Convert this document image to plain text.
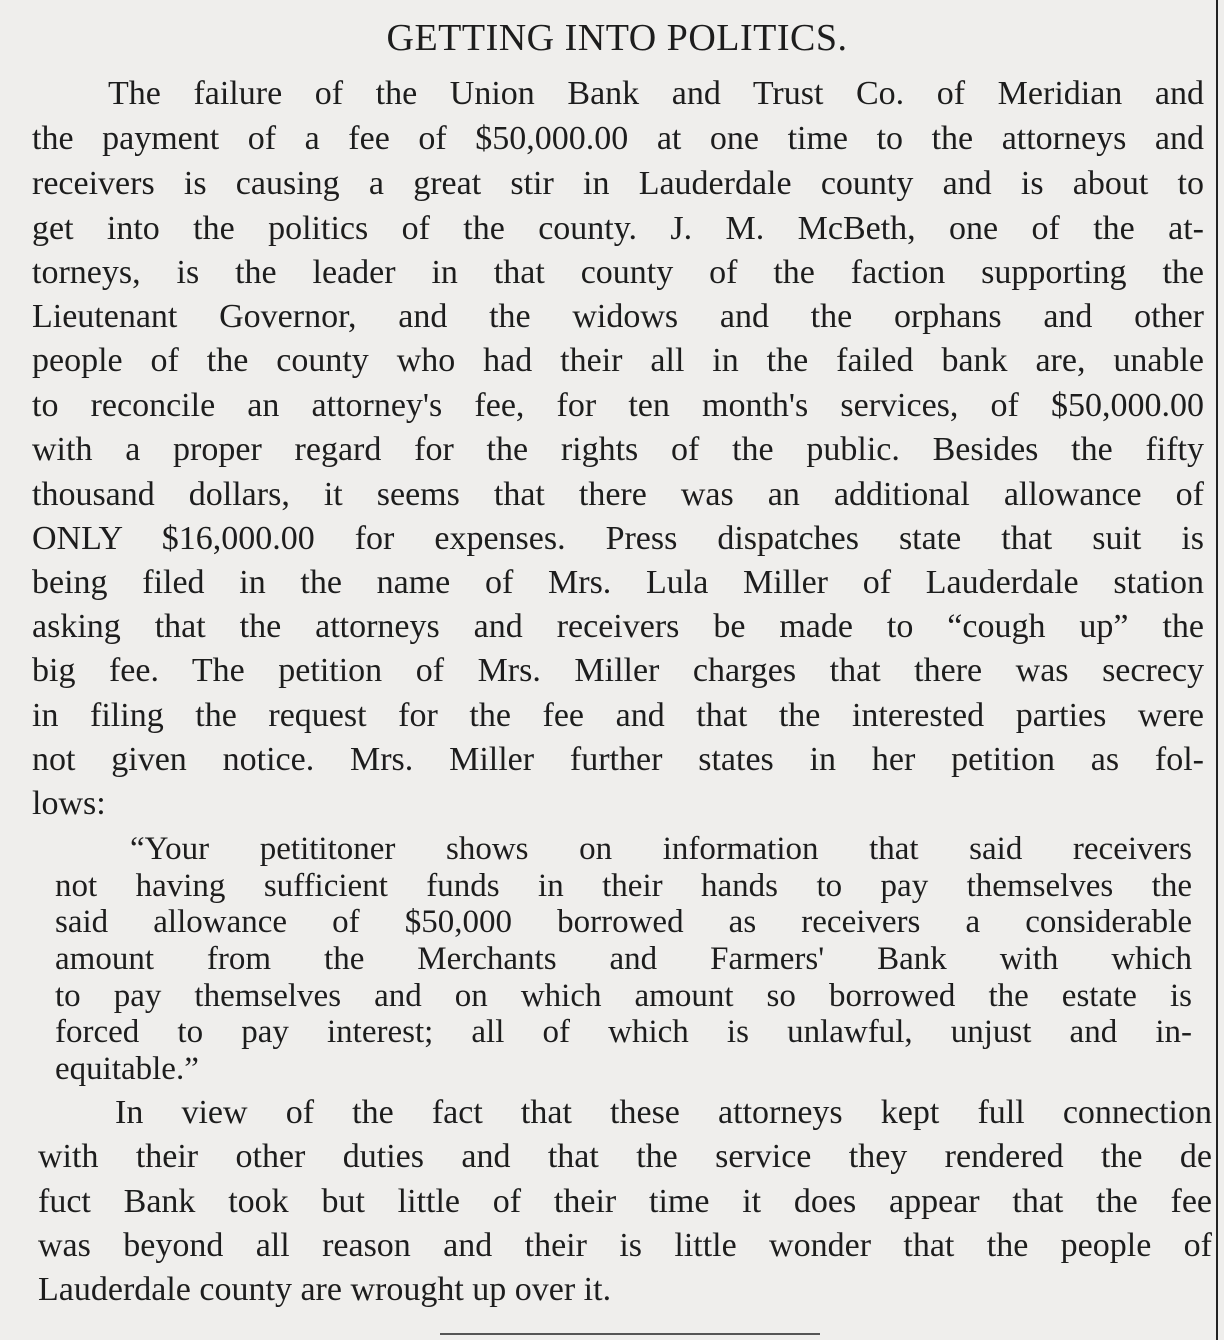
GETTING INTO POLITICS.
The failure of the Union Bank and Trust Co. of Meridian and
the payment of a fee of $50,000.00 at one time to the attorneys and
receivers is causing a great stir in Lauderdale county and is about to
get into the politics of the county. J. M. McBeth, one of the at-
torneys, is the leader in that county of the faction supporting the
Lieutenant Governor, and the widows and the orphans and other
people of the county who had their all in the failed bank are, unable
to reconcile an attorney's fee, for ten month's services, of $50,000.00
with a proper regard for the rights of the public. Besides the fifty
thousand dollars, it seems that there was an additional allowance of
ONLY $16,000.00 for expenses. Press dispatches state that suit is
being filed in the name of Mrs. Lula Miller of Lauderdale station
asking that the attorneys and receivers be made to “cough up” the
big fee. The petition of Mrs. Miller charges that there was secrecy
in filing the request for the fee and that the interested parties were
not given notice. Mrs. Miller further states in her petition as fol-
lows:
“Your petititoner shows on information that said receivers
not having sufficient funds in their hands to pay themselves the
said allowance of $50,000 borrowed as receivers a considerable
amount from the Merchants and Farmers' Bank with which
to pay themselves and on which amount so borrowed the estate is
forced to pay interest; all of which is unlawful, unjust and in-
equitable.”
In view of the fact that these attorneys kept full connection
with their other duties and that the service they rendered the de
fuct Bank took but little of their time it does appear that the fee
was beyond all reason and their is little wonder that the people of
Lauderdale county are wrought up over it.
